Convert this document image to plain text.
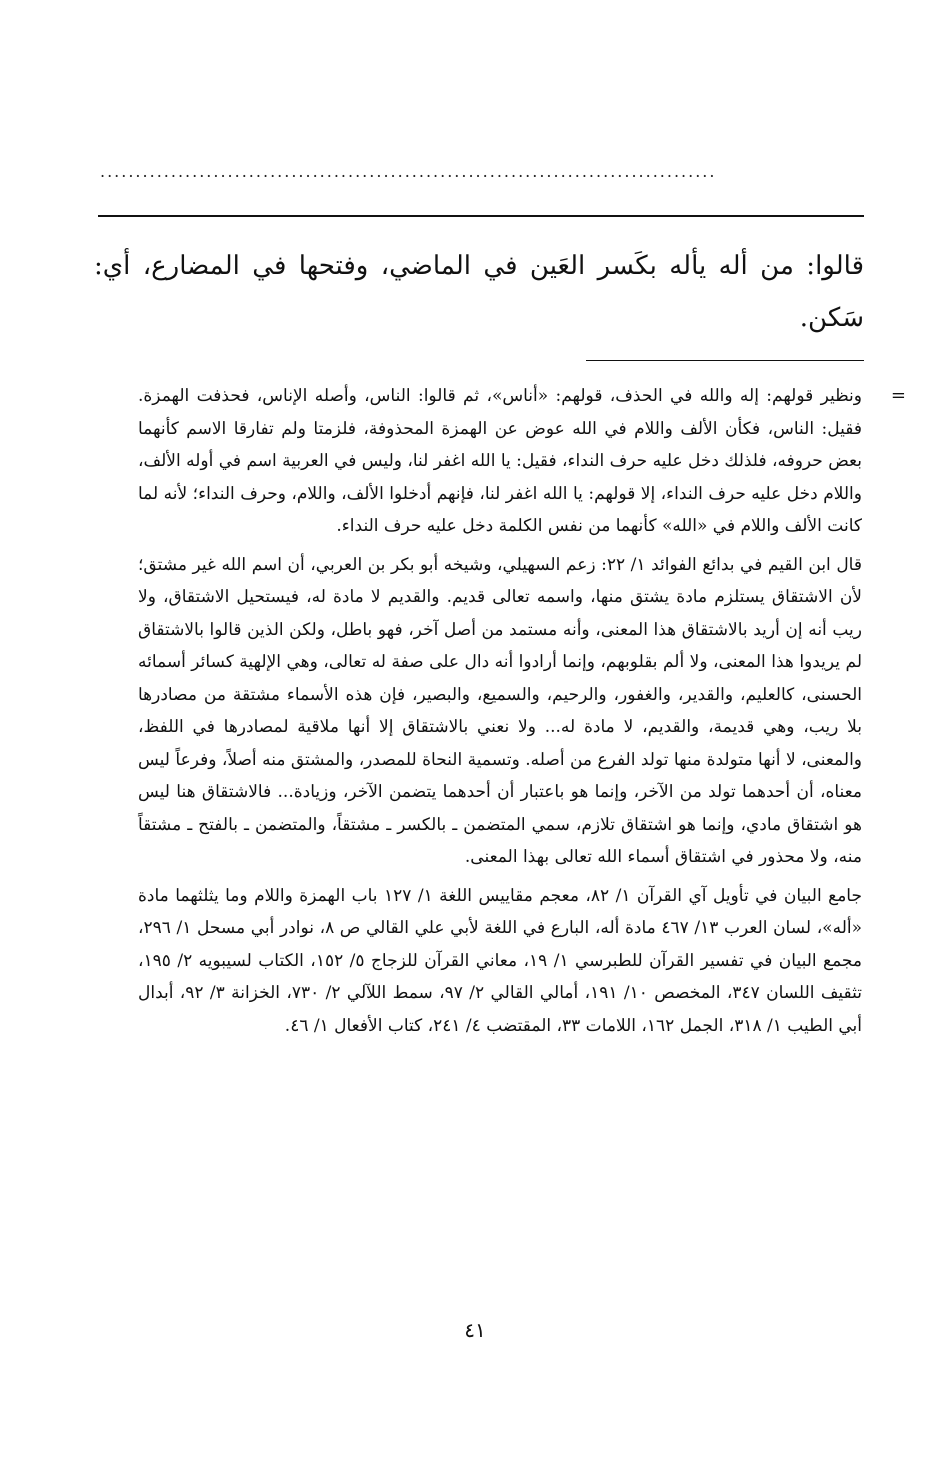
.......................................................................................

قالوا: من أله يأله بكَسر العَين في الماضي، وفتحها في المضارع، أي: سَكن.

=

ونظير قولهم: إله والله في الحذف، قولهم: «أناس»، ثم قالوا: الناس، وأصله الإناس، فحذفت الهمزة. فقيل: الناس، فكأن الألف واللام في الله عوض عن الهمزة المحذوفة، فلزمتا ولم تفارقا الاسم كأنهما بعض حروفه، فلذلك دخل عليه حرف النداء، فقيل: يا الله اغفر لنا، وليس في العربية اسم في أوله الألف، واللام دخل عليه حرف النداء، إلا قولهم: يا الله اغفر لنا، فإنهم أدخلوا الألف، واللام، وحرف النداء؛ لأنه لما كانت الألف واللام في «الله» كأنهما من نفس الكلمة دخل عليه حرف النداء.

قال ابن القيم في بدائع الفوائد ١/ ٢٢: زعم السهيلي، وشيخه أبو بكر بن العربي، أن اسم الله غير مشتق؛ لأن الاشتقاق يستلزم مادة يشتق منها، واسمه تعالى قديم. والقديم لا مادة له، فيستحيل الاشتقاق، ولا ريب أنه إن أريد بالاشتقاق هذا المعنى، وأنه مستمد من أصل آخر، فهو باطل، ولكن الذين قالوا بالاشتقاق لم يريدوا هذا المعنى، ولا ألم بقلوبهم، وإنما أرادوا أنه دال على صفة له تعالى، وهي الإلهية كسائر أسمائه الحسنى، كالعليم، والقدير، والغفور، والرحيم، والسميع، والبصير، فإن هذه الأسماء مشتقة من مصادرها بلا ريب، وهي قديمة، والقديم، لا مادة له... ولا نعني بالاشتقاق إلا أنها ملاقية لمصادرها في اللفظ، والمعنى، لا أنها متولدة منها تولد الفرع من أصله. وتسمية النحاة للمصدر، والمشتق منه أصلاً، وفرعاً ليس معناه، أن أحدهما تولد من الآخر، وإنما هو باعتبار أن أحدهما يتضمن الآخر، وزيادة... فالاشتقاق هنا ليس هو اشتقاق مادي، وإنما هو اشتقاق تلازم، سمي المتضمن ـ بالكسر ـ مشتقاً، والمتضمن ـ بالفتح ـ مشتقاً منه، ولا محذور في اشتقاق أسماء الله تعالى بهذا المعنى.

جامع البيان في تأويل آي القرآن ١/ ٨٢، معجم مقاييس اللغة ١/ ١٢٧ باب الهمزة واللام وما يثلثهما مادة «أله»، لسان العرب ١٣/ ٤٦٧ مادة أله، البارع في اللغة لأبي علي القالي ص ٨، نوادر أبي مسحل ١/ ٢٩٦، مجمع البيان في تفسير القرآن للطبرسي ١/ ١٩، معاني القرآن للزجاج ٥/ ١٥٢، الكتاب لسيبويه ٢/ ١٩٥، تثقيف اللسان ٣٤٧، المخصص ١٠/ ١٩١، أمالي القالي ٢/ ٩٧، سمط اللآلي ٢/ ٧٣٠، الخزانة ٣/ ٩٢، أبدال أبي الطيب ١/ ٣١٨، الجمل ١٦٢، اللامات ٣٣، المقتضب ٤/ ٢٤١، كتاب الأفعال ١/ ٤٦.

٤١
